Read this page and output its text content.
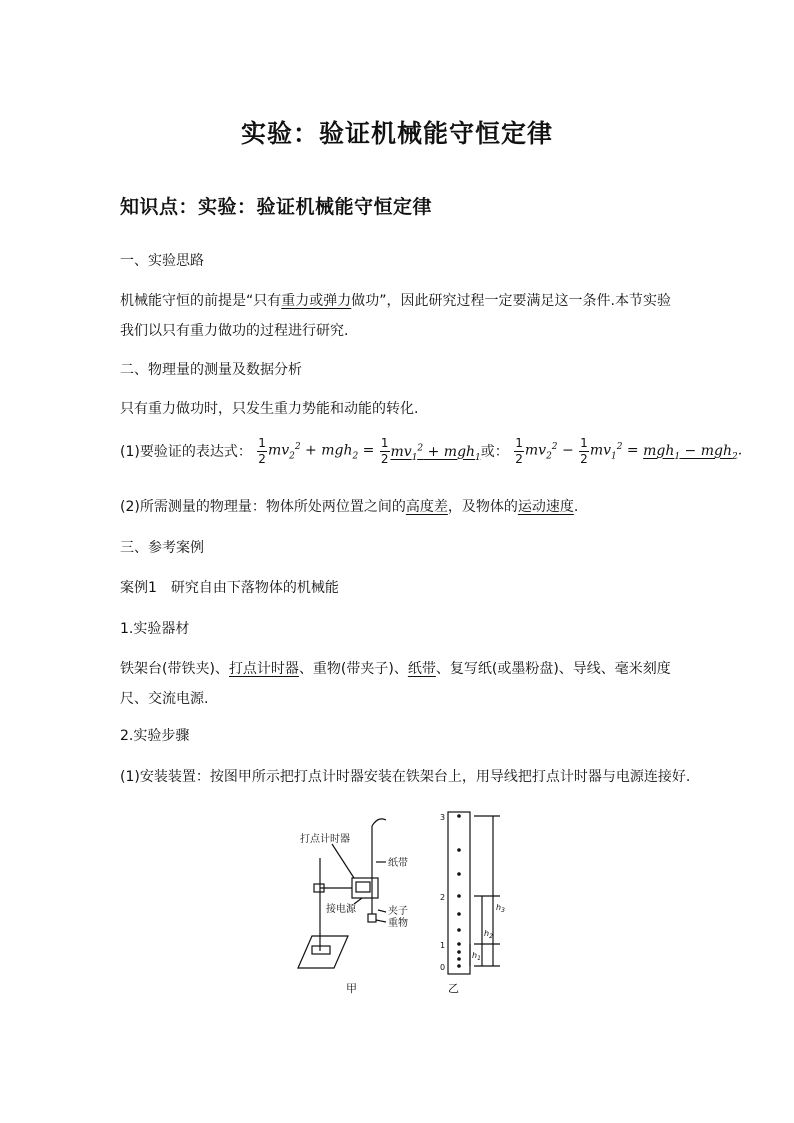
实验：验证机械能守恒定律
知识点：实验：验证机械能守恒定律
一、实验思路
机械能守恒的前提是“只有重力或弹力做功”，因此研究过程一定要满足这一条件.本节实验我们以只有重力做功的过程进行研究.
二、物理量的测量及数据分析
只有重力做功时，只发生重力势能和动能的转化.
(1)要验证的表达式： $\frac{1}{2} mv_2^2 + mgh_2 = \frac{1}{2} mv_1^2 + mgh_1$或： $\frac{1}{2} mv_2^2 - \frac{1}{2} mv_1^2 = mgh_1 - mgh_2$.
(2)所需测量的物理量：物体所处两位置之间的高度差，及物体的运动速度.
三、参考案例
案例1　研究自由下落物体的机械能
1.实验器材
铁架台(带铁夹)、打点计时器、重物(带夹子)、纸带、复写纸(或墨粉盘)、导线、毫米刻度尺、交流电源.
2.实验步骤
(1)安装装置：按图甲所示把打点计时器安装在铁架台上，用导线把打点计时器与电源连接好.
打点计时器
纸带
接电源	夹子
重物
甲	乙
3
2
1
0
$h_3$
$h_2$
$h_1$
